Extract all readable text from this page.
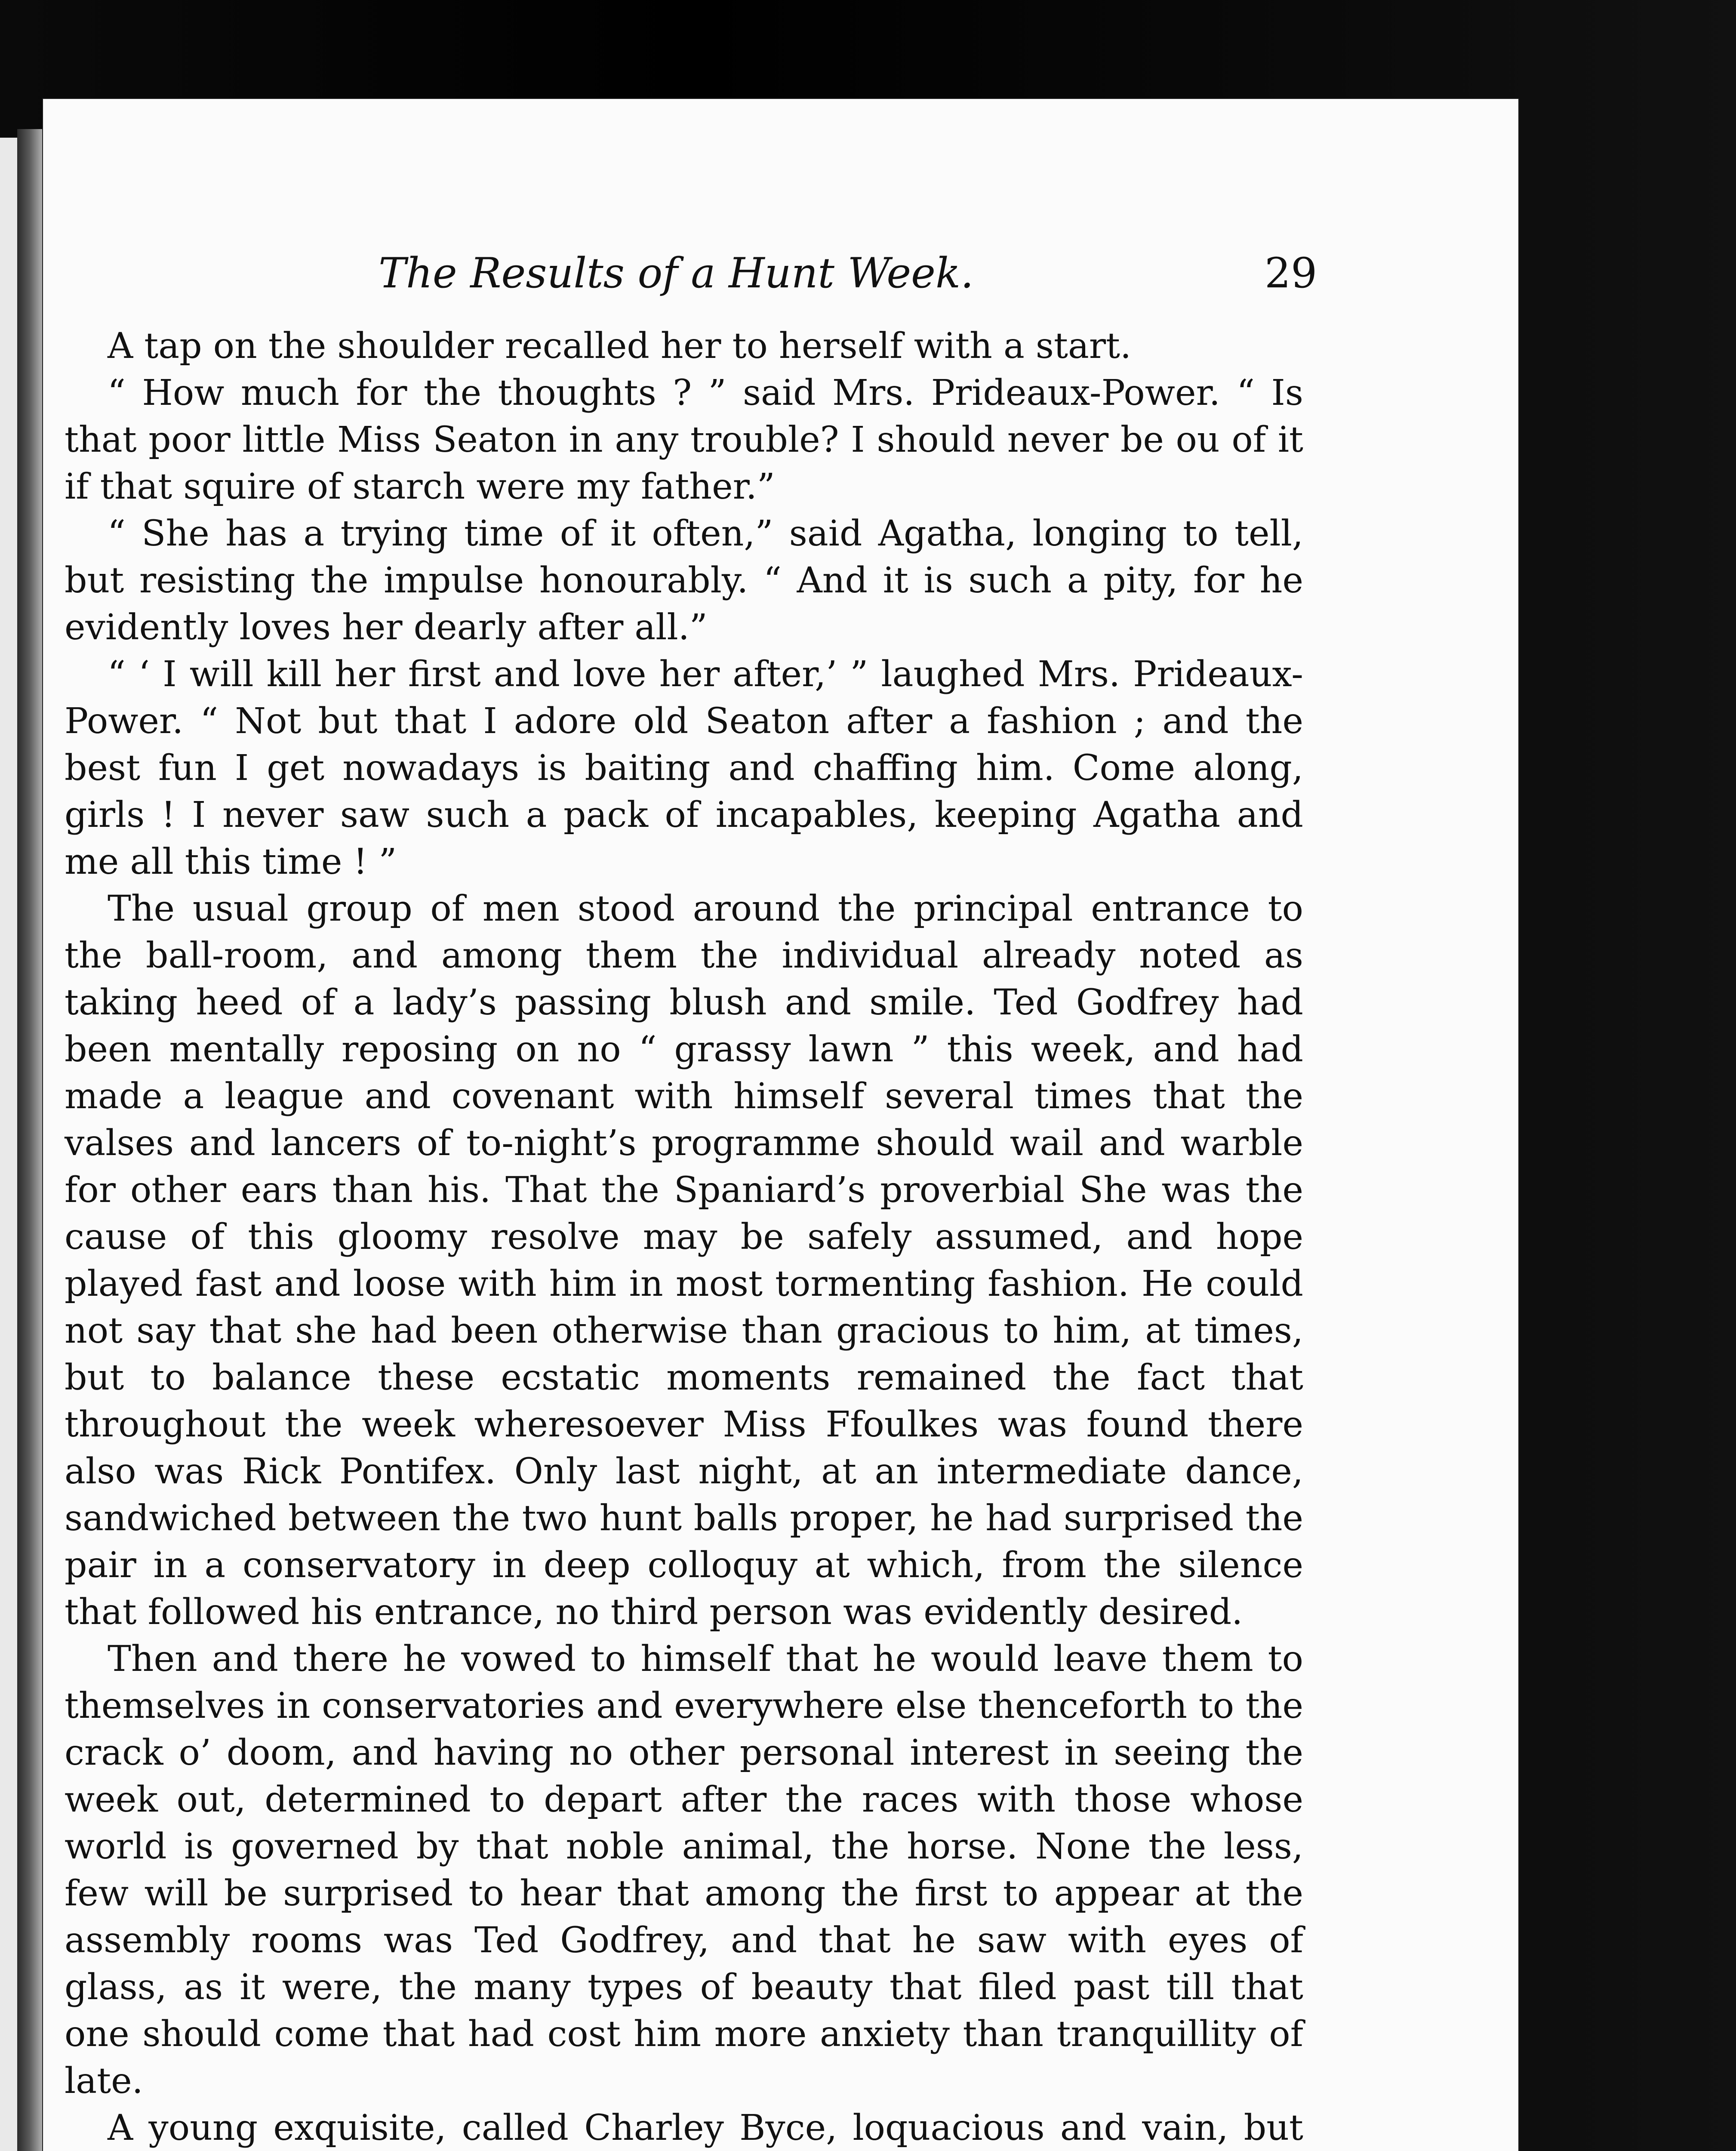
The Results of a Hunt Week.	29

A tap on the shoulder recalled her to herself with a start.

“ How much for the thoughts ? ” said Mrs. Prideaux-Power. “ Is that poor little Miss Seaton in any trouble? I should never be ou of it if that squire of starch were my father.”

“ She has a trying time of it often,” said Agatha, longing to tell, but resisting the impulse honourably. “ And it is such a pity, for he evidently loves her dearly after all.”

“ ‘ I will kill her first and love her after,’ ” laughed Mrs. Prideaux-Power. “ Not but that I adore old Seaton after a fashion ; and the best fun I get nowadays is baiting and chaffing him. Come along, girls ! I never saw such a pack of incapables, keeping Agatha and me all this time ! ”

The usual group of men stood around the principal entrance to the ball-room, and among them the individual already noted as taking heed of a lady’s passing blush and smile. Ted Godfrey had been mentally reposing on no “ grassy lawn ” this week, and had made a league and covenant with himself several times that the valses and lancers of to-night’s programme should wail and warble for other ears than his. That the Spaniard’s proverbial She was the cause of this gloomy resolve may be safely assumed, and hope played fast and loose with him in most tormenting fashion. He could not say that she had been otherwise than gracious to him, at times, but to balance these ecstatic moments remained the fact that throughout the week wheresoever Miss Ffoulkes was found there also was Rick Pontifex. Only last night, at an intermediate dance, sandwiched between the two hunt balls proper, he had surprised the pair in a conservatory in deep colloquy at which, from the silence that followed his entrance, no third person was evidently desired.

Then and there he vowed to himself that he would leave them to themselves in conservatories and everywhere else thenceforth to the crack o’ doom, and having no other personal interest in seeing the week out, determined to depart after the races with those whose world is governed by that noble animal, the horse. None the less, few will be surprised to hear that among the first to appear at the assembly rooms was Ted Godfrey, and that he saw with eyes of glass, as it were, the many types of beauty that filed past till that one should come that had cost him more anxiety than tranquillity of late.

A young exquisite, called Charley Byce, loquacious and vain, but
